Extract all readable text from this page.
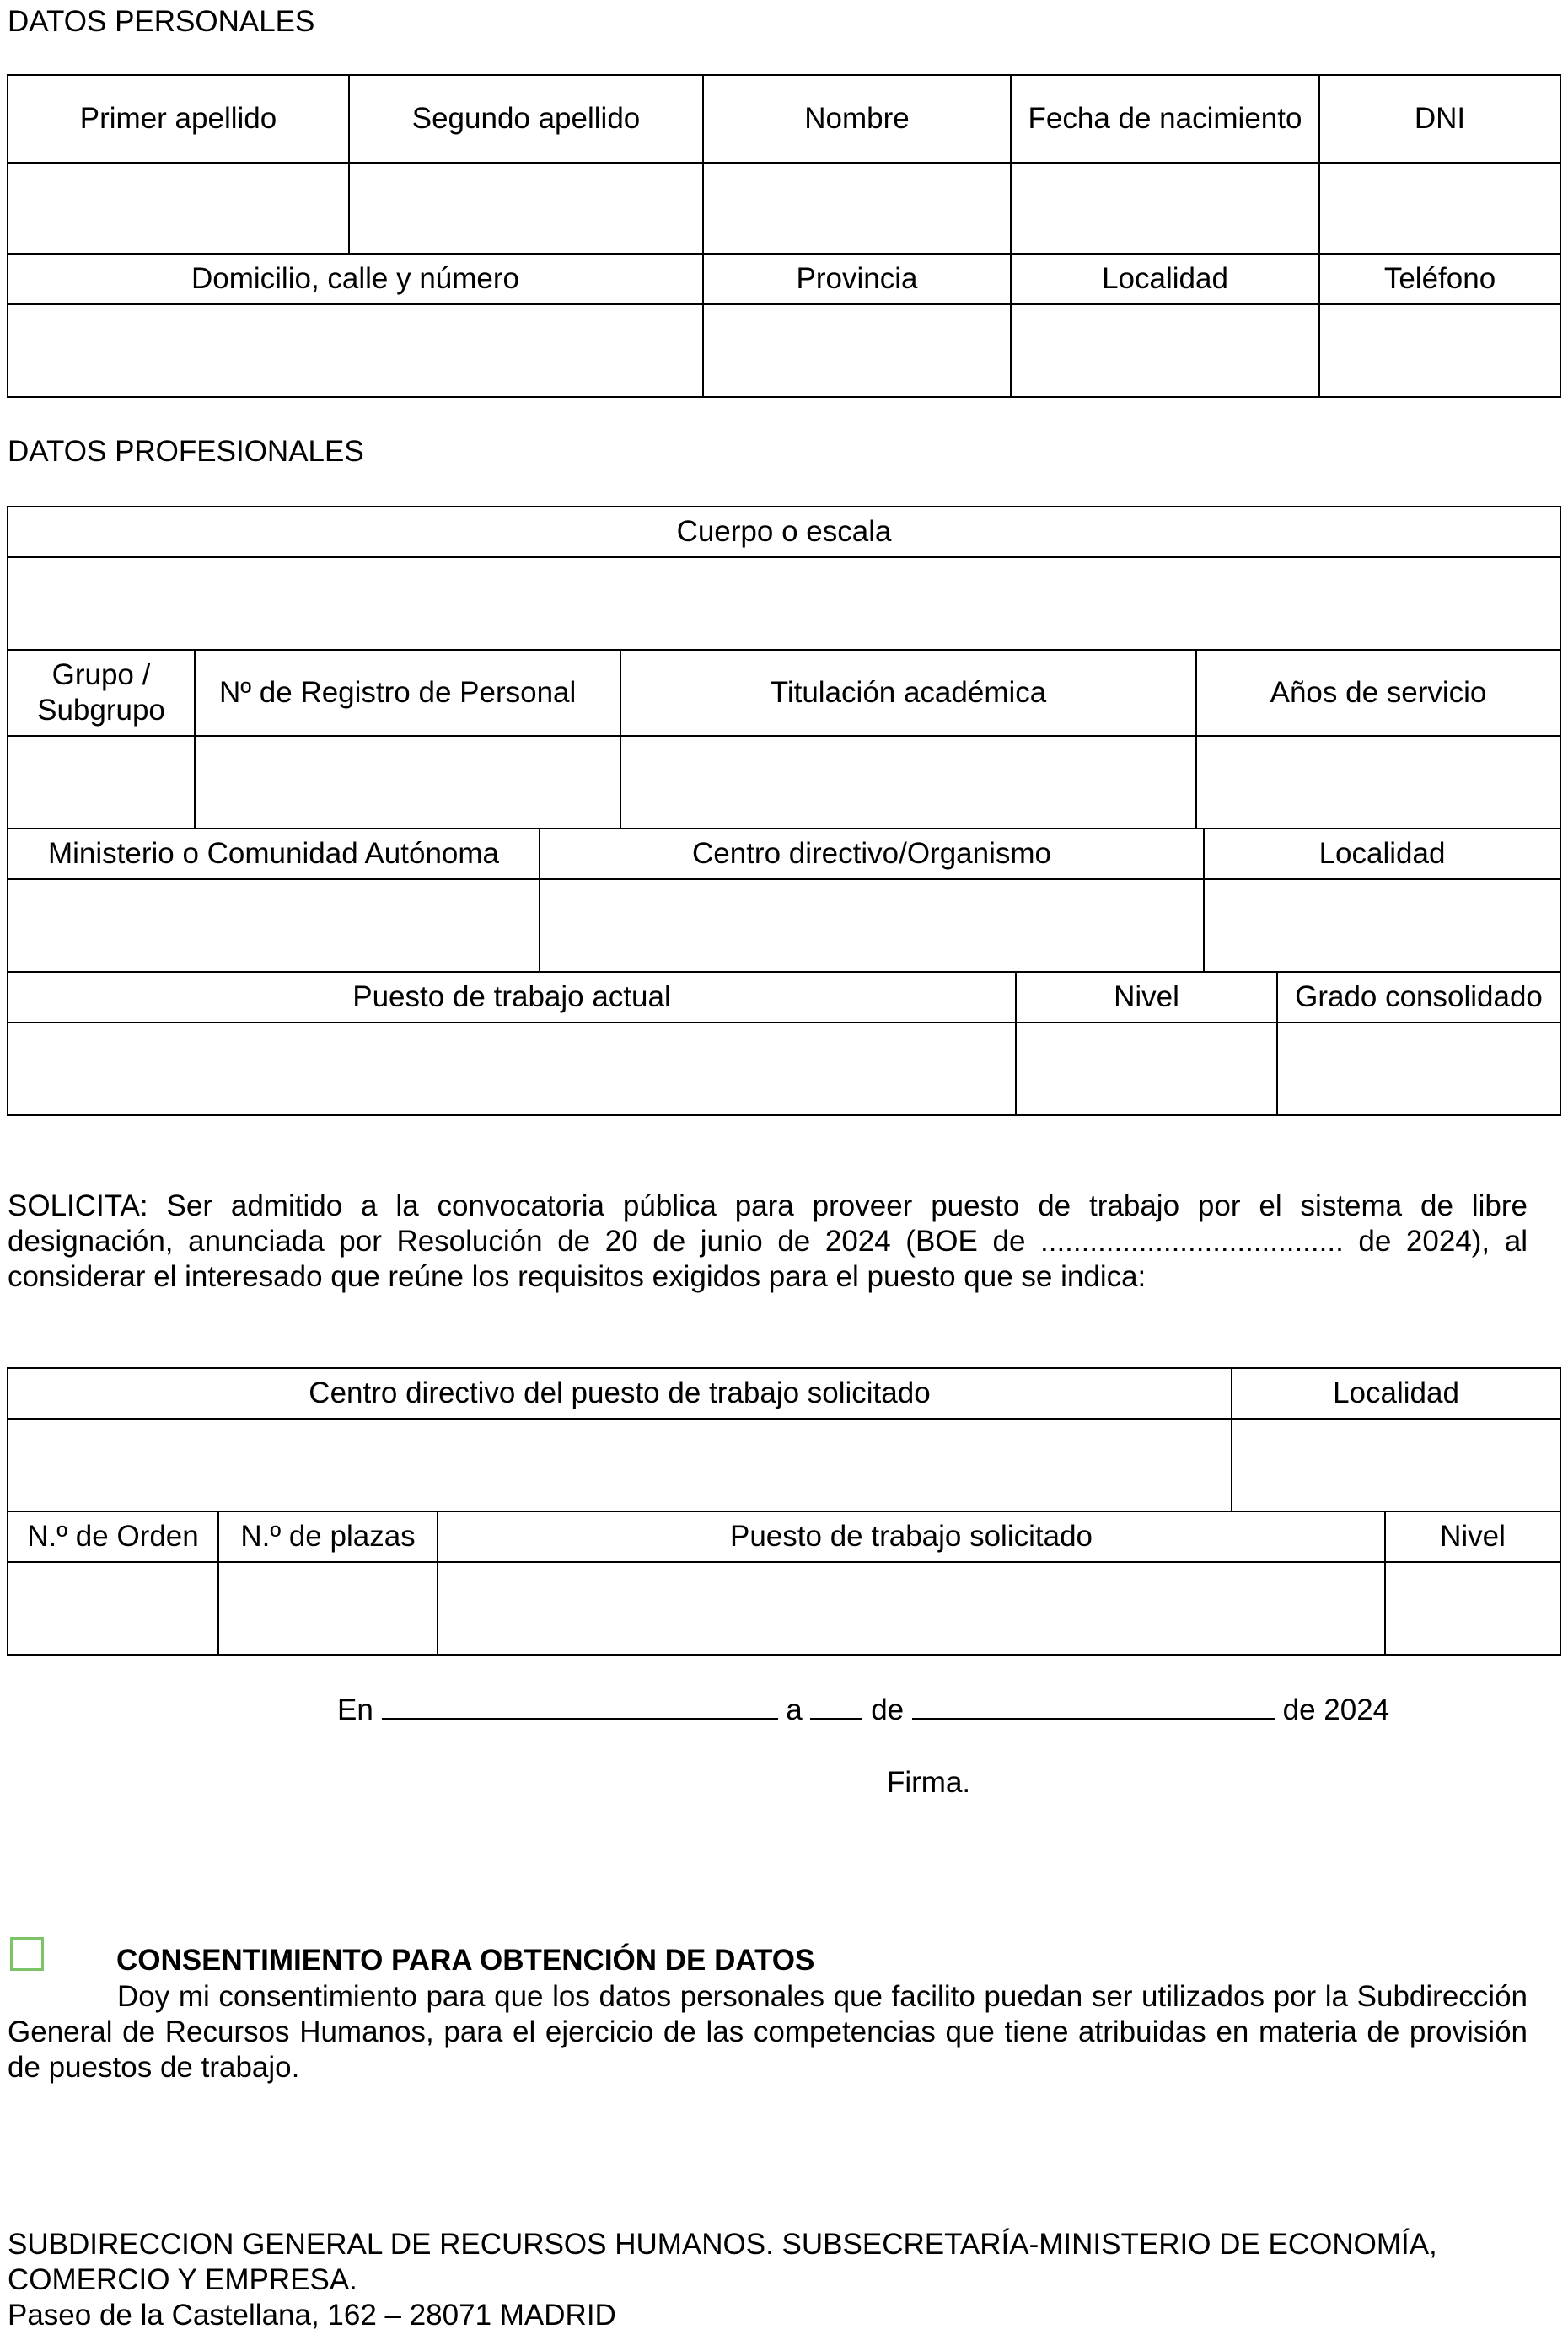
DATOS PERSONALES
Primer apellido	Segundo apellido	Nombre	Fecha de nacimiento	DNI

Domicilio, calle y número		Provincia	Localidad	Teléfono

DATOS PROFESIONALES
Cuerpo o escala			

Grupo / Subgrupo	Nº de Registro de Personal	Titulación académica	Años de servicio

Ministerio o Comunidad Autónoma	Centro directivo/Organismo	Localidad

Puesto de trabajo actual	Nivel	Grado consolidado

SOLICITA: Ser admitido a la convocatoria pública para proveer puesto de trabajo por el sistema de libre designación, anunciada por Resolución de 20 de junio de 2024 (BOE de ..................................... de 2024), al considerar el interesado que reúne los requisitos exigidos para el puesto que se indica:
Centro directivo del puesto de trabajo solicitado	Localidad

N.º de Orden	N.º de plazas	Puesto de trabajo solicitado	Nivel

En	a de	de 2024
Firma.
CONSENTIMIENTO PARA OBTENCIÓN DE DATOS
Doy mi consentimiento para que los datos personales que facilito puedan ser utilizados por la Subdirección General de Recursos Humanos, para el ejercicio de las competencias que tiene atribuidas en materia de provisión de puestos de trabajo.
SUBDIRECCION GENERAL DE RECURSOS HUMANOS. SUBSECRETARÍA-MINISTERIO DE ECONOMÍA, COMERCIO Y EMPRESA.
Paseo de la Castellana, 162 – 28071 MADRID
